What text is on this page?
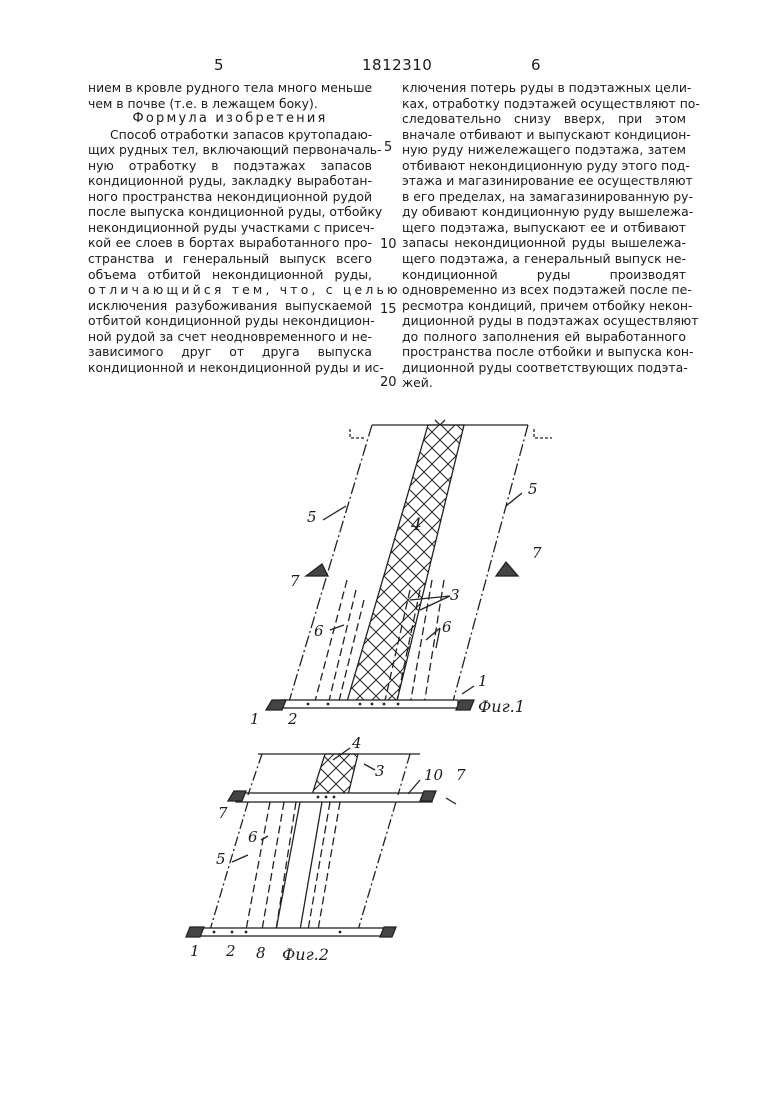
5	1812310	6
нием в кровле рудного тела много меньше
чем в почве (т.е. в лежащем боку).

Формула изобретения

Способ отработки запасов крутопадаю-
щих рудных тел, включающий первоначаль-
ную отработку в подэтажах запасов
кондиционной руды, закладку выработан-
ного пространства некондиционной рудой
после выпуска кондиционной руды, отбойку
некондиционной руды участками с присеч-
кой ее слоев в бортах выработанного про-
странства и генеральный выпуск всего
объема отбитой некондиционной руды,
отличающийся тем, что, с целью
исключения разубоживания выпускаемой
отбитой кондиционной руды некондицион-
ной рудой за счет неодновременного и не-
зависимого друг от друга выпуска
кондиционной и некондиционной руды и ис-
5
10
15
20
ключения потерь руды в подэтажных цели-
ках, отработку подэтажей осуществляют по-
следовательно снизу вверх, при этом
вначале отбивают и выпускают кондицион-
ную руду нижележащего подэтажа, затем
отбивают некондиционную руду этого под-
этажа и магазинирование ее осуществляют
в его пределах, на замагазинированную ру-
ду обивают кондиционную руду вышележа-
щего подэтажа, выпускают ее и отбивают
запасы некондиционной руды вышележа-
щего подэтажа, а генеральный выпуск не-
кондиционной руды производят
одновременно из всех подэтажей после пе-
ресмотра кондиций, причем отбойку некон-
диционной руды в подэтажах осуществляют
до полного заполнения ей выработанного
пространства после отбойки и выпуска кон-
диционной руды соответствующих подэта-
жей.
5
5
4
3
6	6
7
7
1 2
1
Фиг.1
4
3	10 7
7
6
5
1 2 8 Фиг.2
